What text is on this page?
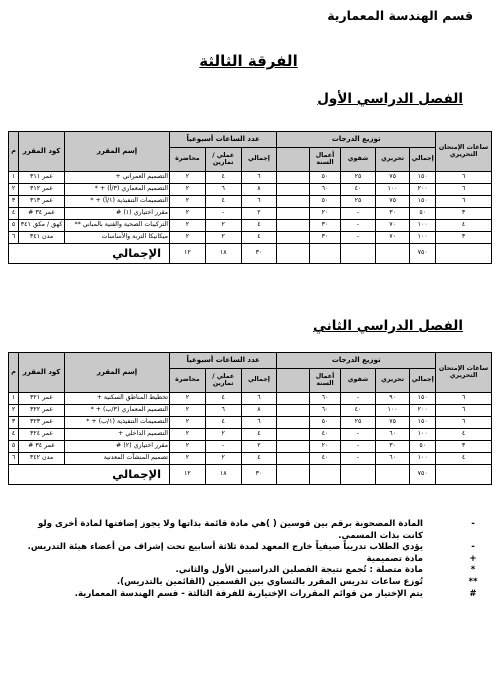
قسم الهندسة المعمارية
الفرقة الثالثة
الفصل الدراسي الأول
ساعات الإمتحان التحريري	توزيع الدرجات					عدد الساعات أسبوعياً			إسم المقرر	كود المقرر	م
	إجمالي	تحريري	شفوي	أعمال السنة		إجمالي	عملي / تمارين	محاضرة			
٦	١٥٠	٧٥	٢٥	٥٠		٦	٤	٢	التصميم العمراني +	عمر ٣١١	١
٦	٢٠٠	١٠٠	٤٠	٦٠		٨	٦	٢	التصميم المعماري (٣/أ) + *	عمر ٣١٢	٢
٦	١٥٠	٧٥	٢٥	٥٠		٦	٤	٢	التصميمات التنفيذية (١/أ) + *	عمر ٣١٣	٣
٣	٥٠	٣٠	-	٢٠		٢	-	٢	مقرر اختياري (١) #	عمر ٣٤ #	٤
٤	١٠٠	٧٠	-	٣٠		٤	٢	٢	التركيبات الصحية والفنية بالمباني **	كهق / مكق ٣٤١	٥
٣	١٠٠	٧٠	-	٣٠		٤	٢	٢	ميكانيكا التربة والأساسات	مدن ٣٤١	٦
	٧٥٠					٣٠	١٨	١٢	الإجمالي		
الفصل الدراسي الثاني
ساعات الإمتحان التحريري	توزيع الدرجات					عدد الساعات أسبوعياً			إسم المقرر	كود المقرر	م
	إجمالي	تحريري	شفوي	أعمال السنة		إجمالي	عملي / تمارين	محاضرة			
٦	١٥٠	٩٠	-	٦٠		٦	٤	٢	تخطيط المناطق السكنية +	عمر ٣٢١	١
٦	٢٠٠	١٠٠	٤٠	٦٠		٨	٦	٢	التصميم المعماري (٣/ب) + *	عمر ٣٢٢	٢
٦	١٥٠	٧٥	٢٥	٥٠		٦	٤	٢	التصميمات التنفيذية (١/ب) + *	عمر ٣٢٣	٣
٤	١٠٠	٦٠	-	٤٠		٤	٢	٢	التصميم الداخلي +	عمر ٣٢٤	٤
٣	٥٠	٣٠	-	٢٠		٢	-	٢	مقرر اختياري (٢) #	عمر ٣٤ #	٥
٤	١٠٠	٦٠	-	٤٠		٤	٢	٢	تصميم المنشآت المعدنية	مدن ٣٤٢	٦
	٧٥٠					٣٠	١٨	١٢	الإجمالي		
-
المادة المصحوبة برقم بين قوسين ( )هي مادة قائمة بذاتها ولا يجوز إضافتها لمادة أخرى ولو كانت بذات المسمى.
-
يؤدي الطلاب تدريباً صيفياً خارج المعهد لمدة ثلاثة أسابيع تحت إشراف من أعضاء هيئة التدريس.
+
مادة تصميمية
*
مادة متصلة : تُجمع نتيجة الفصلين الدراسيين الأول والثاني.
**
تُوزع ساعات تدريس المقرر بالتساوي بين القسمين (القائمين بالتدريس).
#
يتم الإختيار من قوائم المقررات الإختيارية للفرقة الثالثة - قسم الهندسة المعمارية.
